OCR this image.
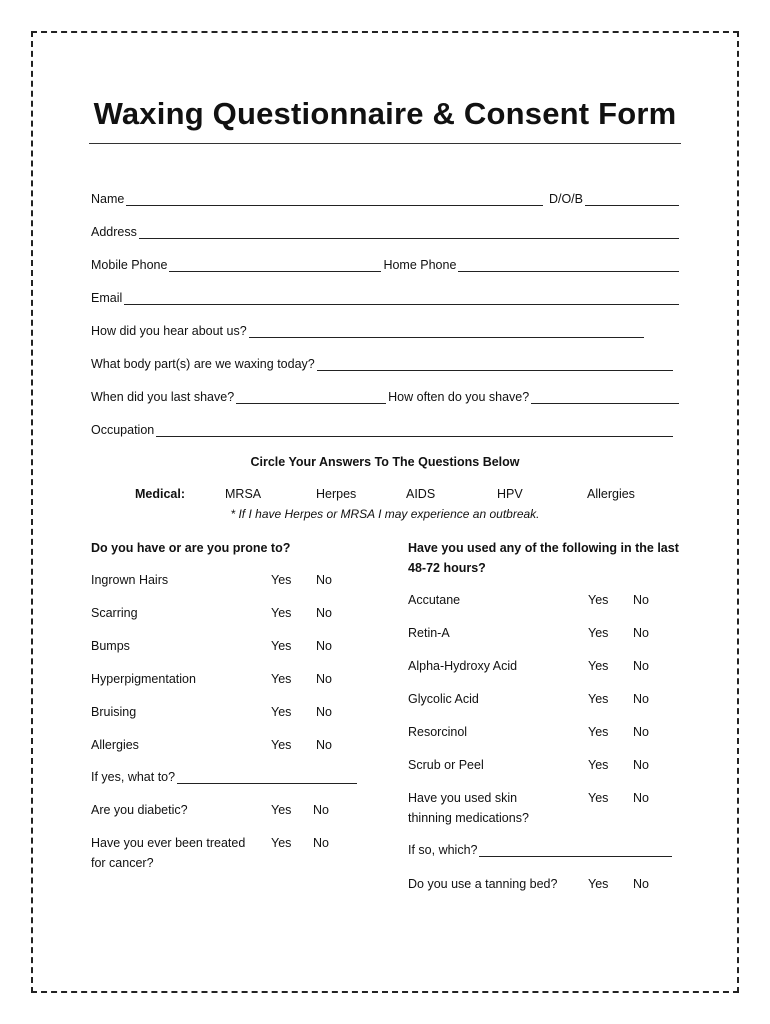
Waxing Questionnaire & Consent Form
Name	D/O/B
Address
Mobile Phone	Home Phone
Email
How did you hear about us?
What body part(s) are we waxing today?
When did you last shave?	How often do you shave?
Occupation
Circle Your Answers To The Questions Below
Medical:	MRSA	Herpes	AIDS	HPV	Allergies
* If I have Herpes or MRSA I may experience an outbreak.
Do you have or are you prone to?
Ingrown Hairs	Yes No
Scarring	Yes No
Bumps	Yes No
Hyperpigmentation	Yes No
Bruising	Yes No
Allergies	Yes No
If yes, what to?
Are you diabetic?	Yes No
Have you ever been treated
for cancer?
Yes No
Have you used any of the following in the last
48-72 hours?
Accutane	Yes No
Retin-A	Yes No
Alpha-Hydroxy Acid	Yes No
Glycolic Acid	Yes No
Resorcinol	Yes No
Scrub or Peel	Yes No
Have you used skin
thinning medications?
Yes No
If so, which?
Do you use a tanning bed? Yes No
